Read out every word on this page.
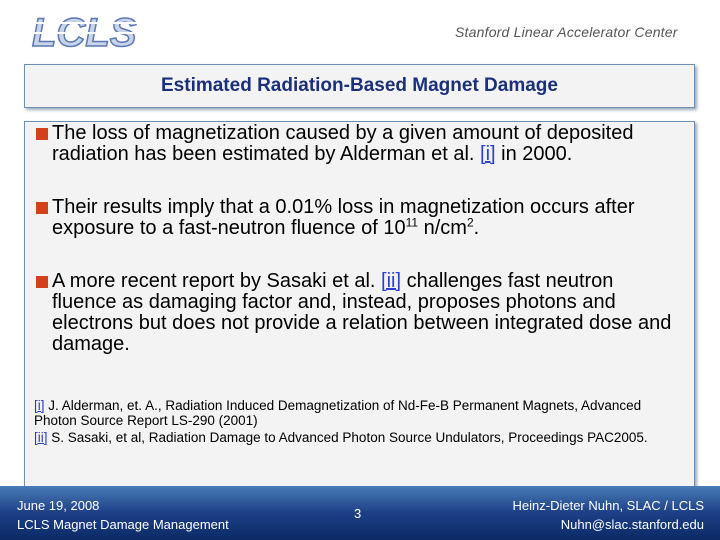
LCLS	Stanford Linear Accelerator Center
Estimated Radiation-Based Magnet Damage
The loss of magnetization caused by a given amount of deposited radiation has been estimated by Alderman et al. [i] in 2000.
Their results imply that a 0.01% loss in magnetization occurs after exposure to a fast-neutron fluence of $10^{11}$ $n/cm^2$.
A more recent report by Sasaki et al. [ii] challenges fast neutron fluence as damaging factor and, instead, proposes photons and electrons but does not provide a relation between integrated dose and damage.
[i] J. Alderman, et. A., Radiation Induced Demagnetization of Nd-Fe-B Permanent Magnets, Advanced Photon Source Report LS-290 (2001)
[ii] S. Sasaki, et al, Radiation Damage to Advanced Photon Source Undulators, Proceedings PAC2005.
June 19, 2008
LCLS Magnet Damage Management
3
Heinz-Dieter Nuhn, SLAC / LCLS
Nuhn@slac.stanford.edu
